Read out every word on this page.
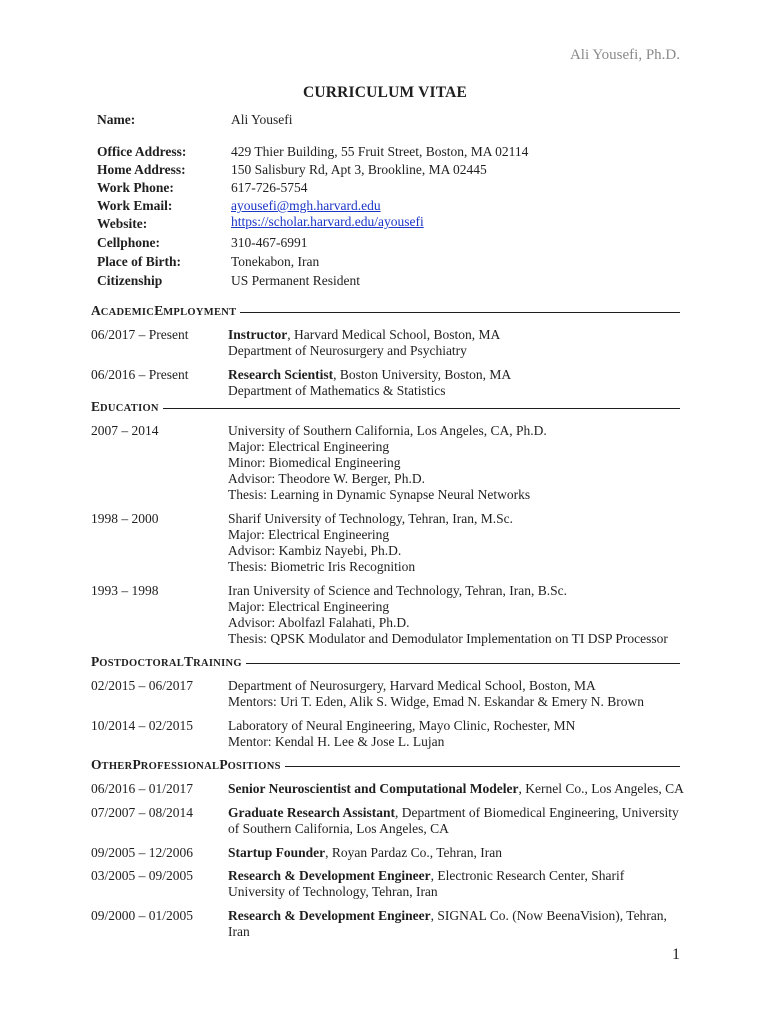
Ali Yousefi, Ph.D.
CURRICULUM VITAE
Name:	Ali Yousefi
Office Address:	429 Thier Building, 55 Fruit Street, Boston, MA 02114
Home Address:	150 Salisbury Rd, Apt 3, Brookline, MA 02445
Work Phone:	617-726-5754
Work Email:	ayousefi@mgh.harvard.edu
Website:	https://scholar.harvard.edu/ayousefi
Cellphone:	310-467-6991
Place of Birth:	Tonekabon, Iran
Citizenship	US Permanent Resident
A CADEMIC E MPLOYMENT
06/2017 – Present	Instructor, Harvard Medical School, Boston, MA
Department of Neurosurgery and Psychiatry
06/2016 – Present	Research Scientist, Boston University, Boston, MA
Department of Mathematics & Statistics
E DUCATION
2007 – 2014	University of Southern California, Los Angeles, CA, Ph.D.
Major: Electrical Engineering
Minor: Biomedical Engineering
Advisor: Theodore W. Berger, Ph.D.
Thesis: Learning in Dynamic Synapse Neural Networks
1998 – 2000	Sharif University of Technology, Tehran, Iran, M.Sc.
Major: Electrical Engineering
Advisor: Kambiz Nayebi, Ph.D.
Thesis: Biometric Iris Recognition
1993 – 1998	Iran University of Science and Technology, Tehran, Iran, B.Sc.
Major: Electrical Engineering
Advisor: Abolfazl Falahati, Ph.D.
Thesis: QPSK Modulator and Demodulator Implementation on TI DSP Processor
P OSTDOCTORAL T RAINING
02/2015 – 06/2017	Department of Neurosurgery, Harvard Medical School, Boston, MA
Mentors: Uri T. Eden, Alik S. Widge, Emad N. Eskandar & Emery N. Brown
10/2014 – 02/2015	Laboratory of Neural Engineering, Mayo Clinic, Rochester, MN
Mentor: Kendal H. Lee & Jose L. Lujan
O THER P ROFESSIONAL P OSITIONS
06/2016 – 01/2017	Senior Neuroscientist and Computational Modeler, Kernel Co., Los Angeles, CA
07/2007 – 08/2014	Graduate Research Assistant, Department of Biomedical Engineering, University
of Southern California, Los Angeles, CA
09/2005 – 12/2006	Startup Founder, Royan Pardaz Co., Tehran, Iran
03/2005 – 09/2005	Research & Development Engineer, Electronic Research Center, Sharif
University of Technology, Tehran, Iran
09/2000 – 01/2005	Research & Development Engineer, SIGNAL Co. (Now BeenaVision), Tehran,
Iran
1
